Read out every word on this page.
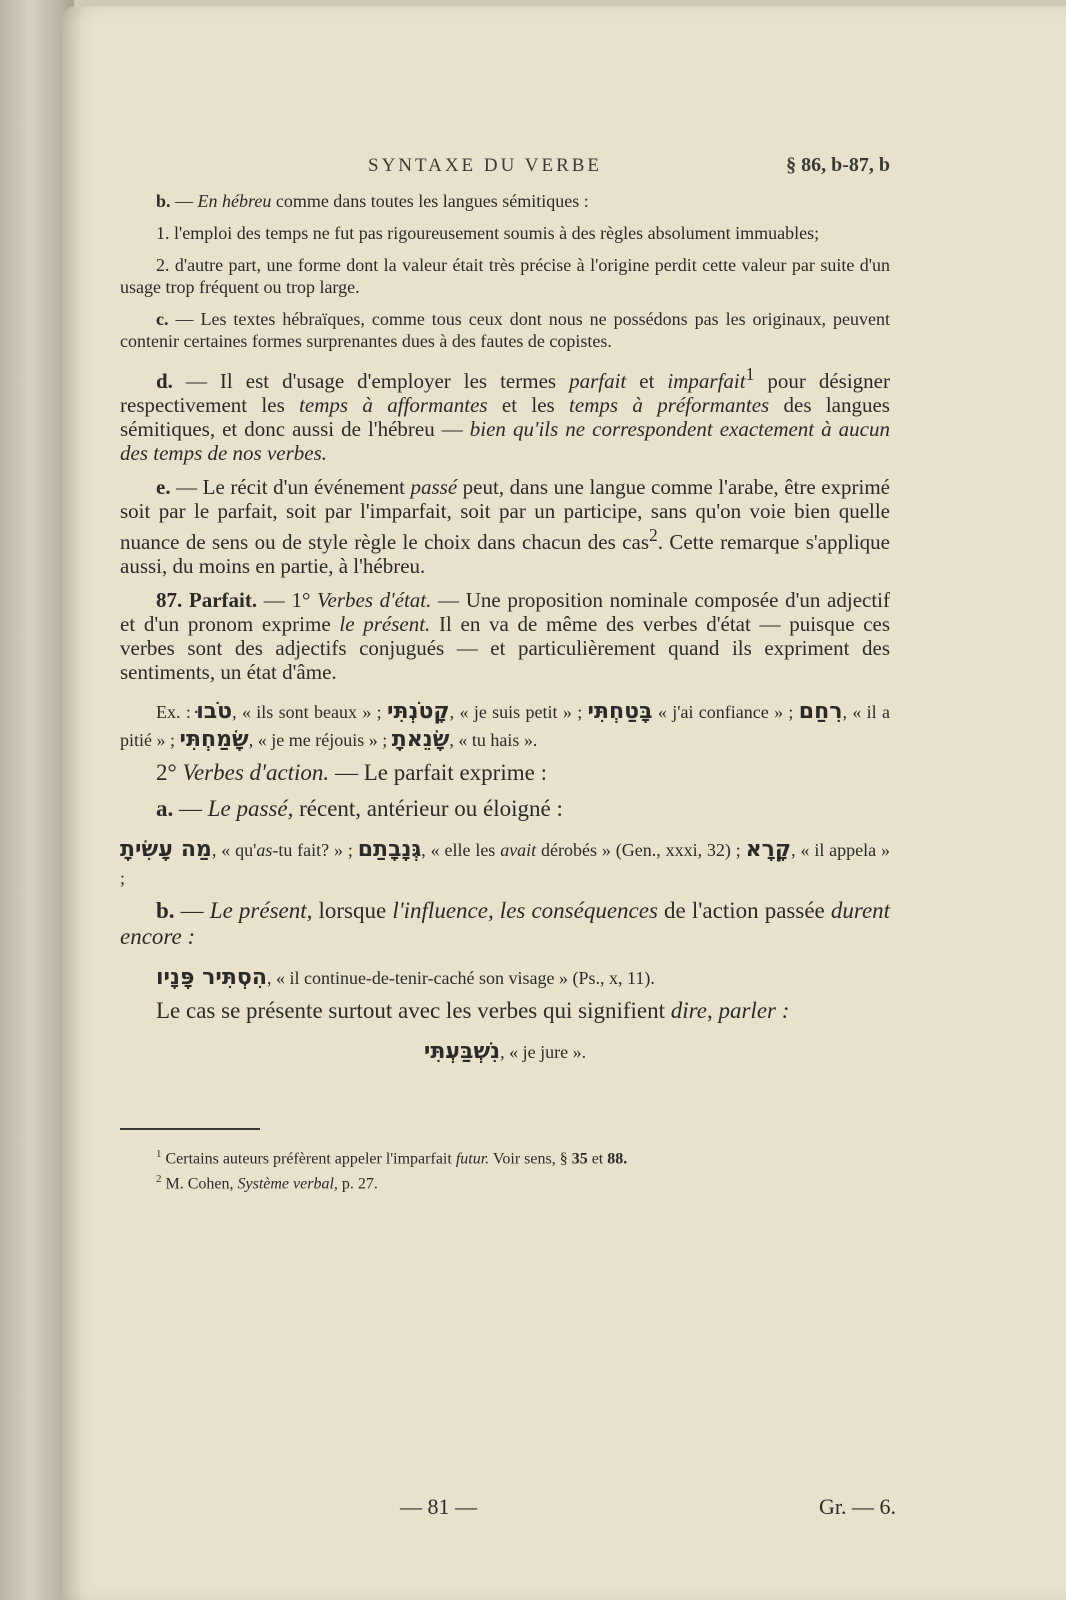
SYNTAXE DU VERBE	§ 86, b-87, b

b. — En hébreu comme dans toutes les langues sémitiques :

1. l'emploi des temps ne fut pas rigoureusement soumis à des règles absolument immuables;

2. d'autre part, une forme dont la valeur était très précise à l'origine perdit cette valeur par suite d'un usage trop fréquent ou trop large.

c. — Les textes hébraïques, comme tous ceux dont nous ne possédons pas les originaux, peuvent contenir certaines formes surprenantes dues à des fautes de copistes.

d. — Il est d'usage d'employer les termes parfait et imparfait$^1$ pour désigner respectivement les temps à afformantes et les temps à préformantes des langues sémitiques, et donc aussi de l'hébreu — bien qu'ils ne correspondent exactement à aucun des temps de nos verbes.

e. — Le récit d'un événement passé peut, dans une langue comme l'arabe, être exprimé soit par le parfait, soit par l'imparfait, soit par un participe, sans qu'on voie bien quelle nuance de sens ou de style règle le choix dans chacun des cas$^2$. Cette remarque s'applique aussi, du moins en partie, à l'hébreu.

87. Parfait. — 1° Verbes d'état. — Une proposition nominale composée d'un adjectif et d'un pronom exprime le présent. Il en va de même des verbes d'état — puisque ces verbes sont des adjectifs conjugués — et particulièrement quand ils expriment des sentiments, un état d'âme.

Ex. : טֹבוּ, « ils sont beaux » ; קָטֹנְתִּי, « je suis petit » ; בָּטַחְתִּי « j'ai confiance » ; רִחַם, « il a pitié » ; שָׂמַחְתִּי, « je me réjouis » ; שָׂנֵאתָ, « tu hais ».

2° Verbes d'action. — Le parfait exprime :

a. — Le passé, récent, antérieur ou éloigné :

מַה עָשִׂיתָ, « qu'as-tu fait? » ; גְּנָבָתַם, « elle les avait dérobés » (Gen., xxxi, 32) ; קָרָא, « il appela » ;

b. — Le présent, lorsque l'influence, les conséquences de l'action passée durent encore :

הִסְתִּיר פָּנָיו, « il continue-de-tenir-caché son visage » (Ps., x, 11).

Le cas se présente surtout avec les verbes qui signifient dire, parler :

נִשְׁבַּעְתִּי, « je jure ».

$^1$ Certains auteurs préfèrent appeler l'imparfait futur. Voir sens, § 35 et 88.

$^2$ M. Cohen, Système verbal, p. 27.

— 81 —	Gr. — 6.
